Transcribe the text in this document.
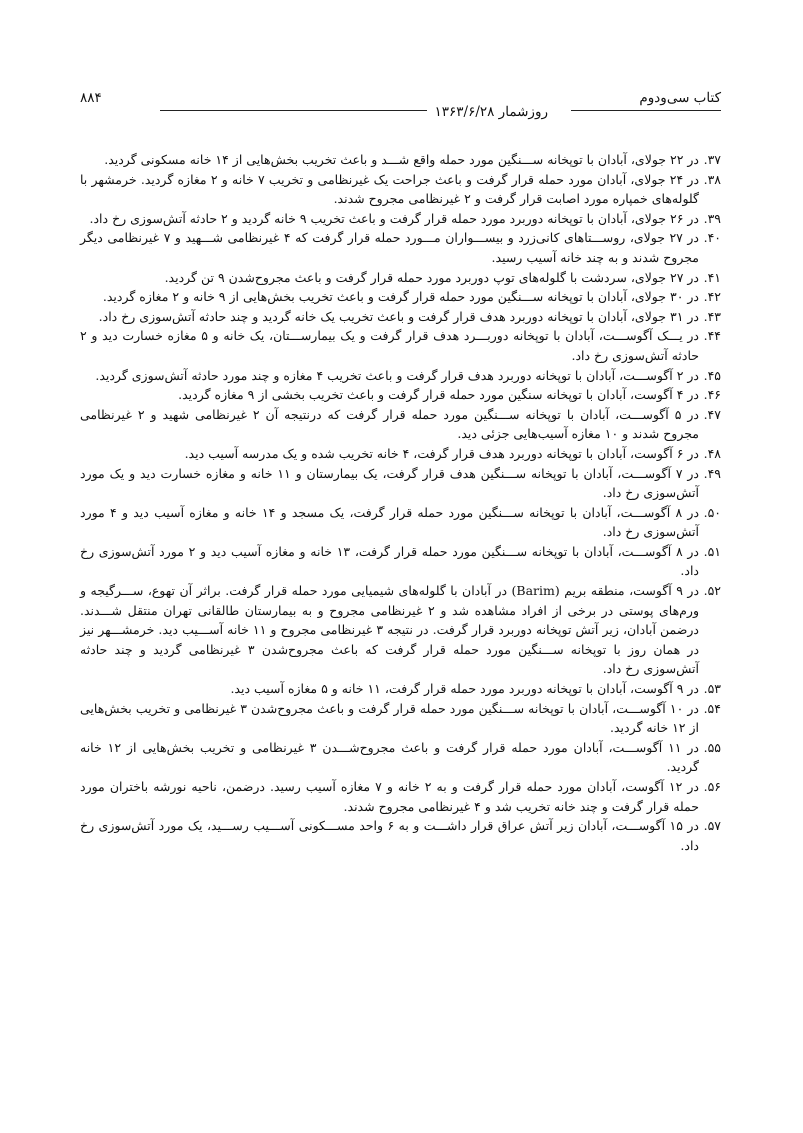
۸۸۴
روزشمار ۱۳۶۳/۶/۲۸
کتاب سی‌ودوم

۳۷.در ۲۲ جولای، آبادان با توپخانه ســـنگین مورد حمله واقع شـــد و باعث تخریب بخش‌هایی از ۱۴ خانه مسکونی گردید.

۳۸.در ۲۴ جولای، آبادان مورد حمله قرار گرفت و باعث جراحت یک غیرنظامی و تخریب ۷ خانه و ۲ مغازه گردید. خرمشهر با گلوله‌های خمپاره مورد اصابت قرار گرفت و ۲ غیرنظامی مجروح شدند.

۳۹.در ۲۶ جولای، آبادان با توپخانه دوربرد مورد حمله قرار گرفت و باعث تخریب ۹ خانه گردید و ۲ حادثه آتش‌سوزی رخ داد.

۴۰.در ۲۷ جولای، روســـتاهای کانی‌زرد و بیســـواران مـــورد حمله قرار گرفت که ۴ غیرنظامی شـــهید و ۷ غیرنظامی دیگر مجروح شدند و به چند خانه آسیب رسید.

۴۱.در ۲۷ جولای، سردشت با گلوله‌های توپ دوربرد مورد حمله قرار گرفت و باعث مجروح‌شدن ۹ تن گردید.

۴۲.در ۳۰ جولای، آبادان با توپخانه ســـنگین مورد حمله قرار گرفت و باعث تخریب بخش‌هایی از ۹ خانه و ۲ مغازه گردید.

۴۳.در ۳۱ جولای، آبادان با توپخانه دوربرد هدف قرار گرفت و باعث تخریب یک خانه گردید و چند حادثه آتش‌سوزی رخ داد.

۴۴.در یـــک آگوســـت، آبادان با توپخانه دوربـــرد هدف قرار گرفت و یک بیمارســـتان، یک خانه و ۵ مغازه خسارت دید و ۲ حادثه آتش‌سوزی رخ داد.

۴۵.در ۲ آگوســـت، آبادان با توپخانه دوربرد هدف قرار گرفت و باعث تخریب ۴ مغازه و چند مورد حادثه آتش‌سوزی گردید.

۴۶.در ۴ آگوست، آبادان با توپخانه سنگین مورد حمله قرار گرفت و باعث تخریب بخشی از ۹ مغازه گردید.

۴۷.در ۵ آگوســـت، آبادان با توپخانه ســـنگین مورد حمله قرار گرفت که درنتیجه آن ۲ غیرنظامی شهید و ۲ غیرنظامی مجروح شدند و ۱۰ مغازه آسیب‌هایی جزئی دید.

۴۸.در ۶ آگوست، آبادان با توپخانه دوربرد هدف قرار گرفت، ۴ خانه تخریب شده و یک مدرسه آسیب دید.

۴۹.در ۷ آگوســـت، آبادان با توپخانه ســـنگین هدف قرار گرفت، یک بیمارستان و ۱۱ خانه و مغازه خسارت دید و یک مورد آتش‌سوزی رخ داد.

۵۰.در ۸ آگوســـت، آبادان با توپخانه ســـنگین مورد حمله قرار گرفت، یک مسجد و ۱۴ خانه و مغازه آسیب دید و ۴ مورد آتش‌سوزی رخ داد.

۵۱.در ۸ آگوســـت، آبادان با توپخانه ســـنگین مورد حمله قرار گرفت، ۱۳ خانه و مغازه آسیب دید و ۲ مورد آتش‌سوزی رخ داد.

۵۲.در ۹ آگوست، منطقه بریم (Barim) در آبادان با گلوله‌های شیمیایی مورد حمله قرار گرفت. براثر آن تهوع، ســـرگیجه و ورم‌های پوستی در برخی از افراد مشاهده شد و ۲ غیرنظامی مجروح و به بیمارستان طالقانی تهران منتقل شـــدند. درضمن آبادان، زیر آتش توپخانه دوربرد قرار گرفت. در نتیجه ۳ غیرنظامی مجروح و ۱۱ خانه آســـیب دید. خرمشـــهر نیز در همان روز با توپخانه ســـنگین مورد حمله قرار گرفت که باعث مجروح‌شدن ۳ غیرنظامی گردید و چند حادثه آتش‌سوزی رخ داد.

۵۳.در ۹ آگوست، آبادان با توپخانه دوربرد مورد حمله قرار گرفت، ۱۱ خانه و ۵ مغازه آسیب دید.

۵۴.در ۱۰ آگوســـت، آبادان با توپخانه ســـنگین مورد حمله قرار گرفت و باعث مجروح‌شدن ۳ غیرنظامی و تخریب بخش‌هایی از ۱۲ خانه گردید.

۵۵.در ۱۱ آگوســـت، آبادان مورد حمله قرار گرفت و باعث مجروح‌شـــدن ۳ غیرنظامی و تخریب بخش‌هایی از ۱۲ خانه گردید.

۵۶.در ۱۲ آگوست، آبادان مورد حمله قرار گرفت و به ۲ خانه و ۷ مغازه آسیب رسید. درضمن، ناحیه نورشه باختران مورد حمله قرار گرفت و چند خانه تخریب شد و ۴ غیرنظامی مجروح شدند.

۵۷.در ۱۵ آگوســـت، آبادان زیر آتش عراق قرار داشـــت و به ۶ واحد مســـکونی آســـیب رســـید، یک مورد آتش‌سوزی رخ داد.
